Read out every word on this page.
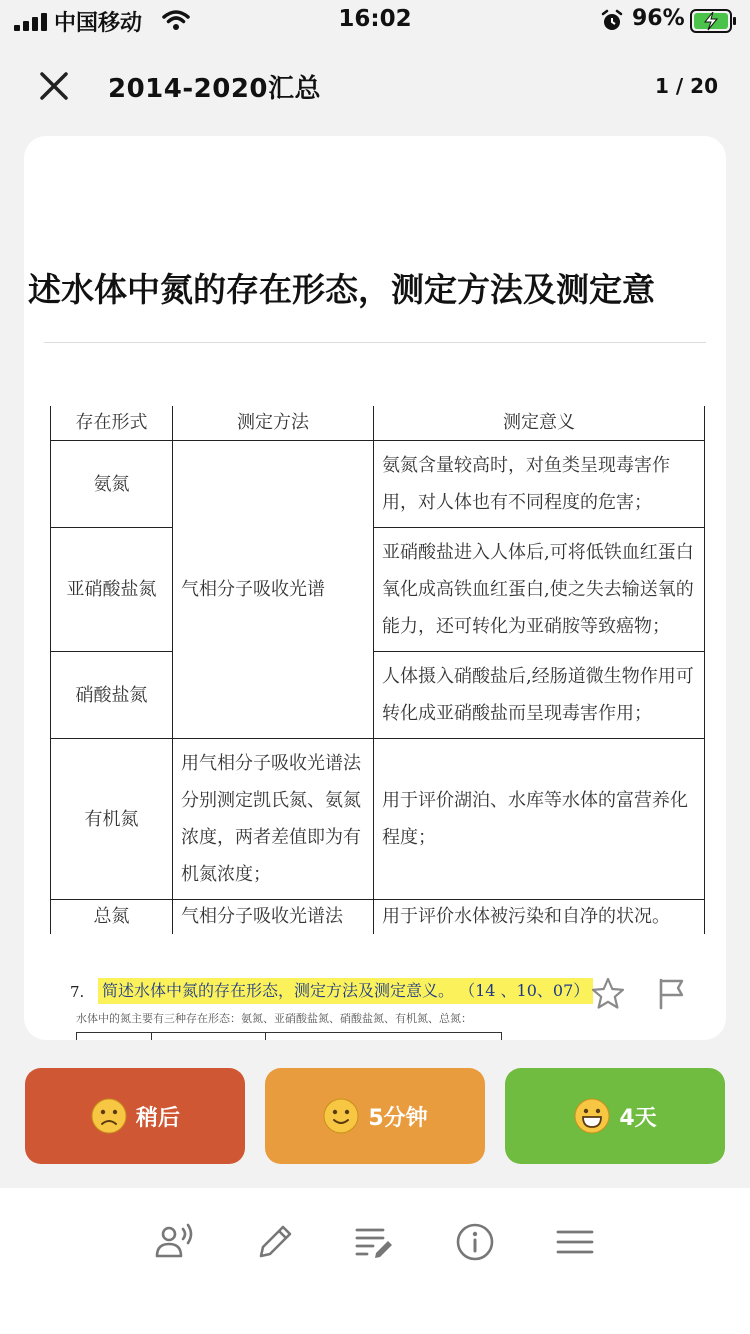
中国移动	16:02	96%
2014-2020汇总	1 / 20
述水体中氮的存在形态，测定方法及测定意
存在形式	测定方法	测定意义
氨氮	气相分子吸收光谱	氨氮含量较高时，对鱼类呈现毒害作用，对人体也有不同程度的危害；
亚硝酸盐氮		亚硝酸盐进入人体后,可将低铁血红蛋白氧化成高铁血红蛋白,使之失去输送氧的能力，还可转化为亚硝胺等致癌物；
硝酸盐氮		人体摄入硝酸盐后,经肠道微生物作用可转化成亚硝酸盐而呈现毒害作用；
有机氮	用气相分子吸收光谱法分别测定凯氏氮、氨氮浓度，两者差值即为有机氮浓度；	用于评价湖泊、水库等水体的富营养化程度；
总氮	气相分子吸收光谱法	用于评价水体被污染和自净的状况。
7. 简述水体中氮的存在形态，测定方法及测定意义。 （14 、10、07）
水体中的氮主要有三种存在形态：氨氮、亚硝酸盐氮、硝酸盐氮、有机氮、总氮：
稍后	5分钟	4天
